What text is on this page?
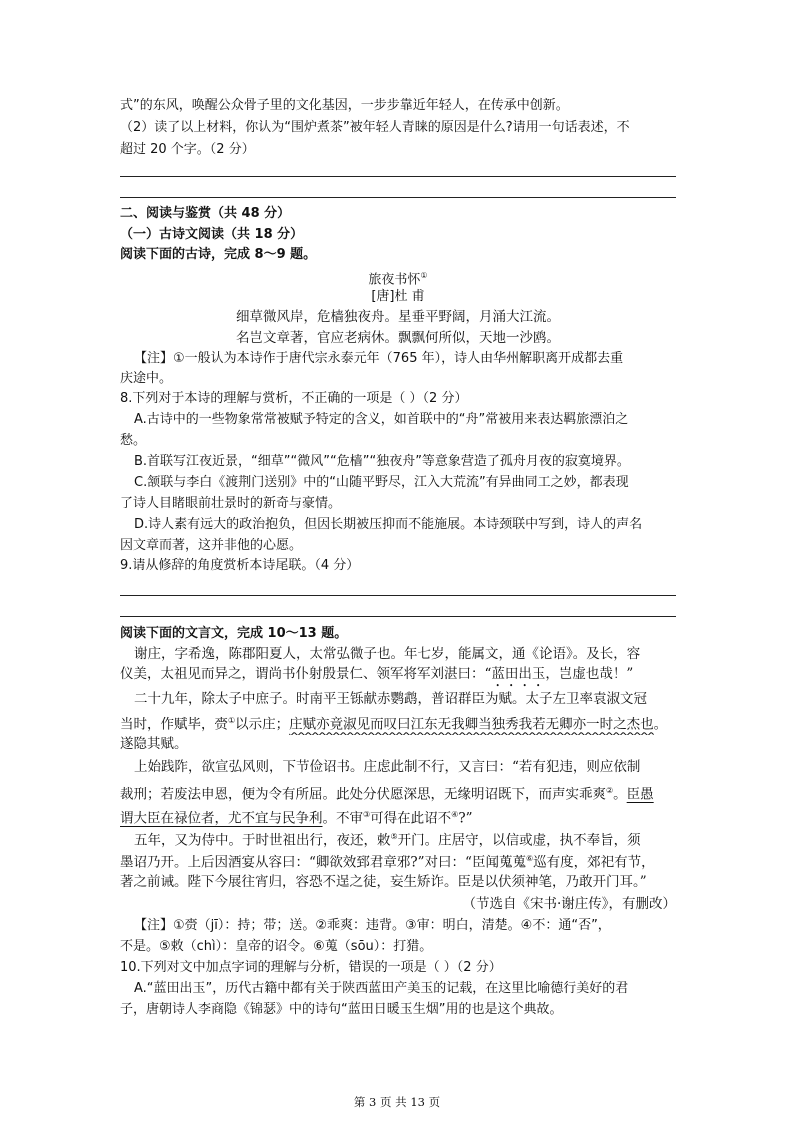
式”的东风，唤醒公众骨子里的文化基因，一步步靠近年轻人，在传承中创新。
（2）读了以上材料，你认为“围炉煮茶”被年轻人青睐的原因是什么?请用一句话表述，不
超过 20 个字。（2 分）
二、阅读与鉴赏（共 48 分）
（一）古诗文阅读（共 18 分）
阅读下面的古诗，完成 8～9 题。
旅夜书怀①
[唐]杜 甫
细草微风岸，危樯独夜舟。星垂平野阔，月涌大江流。
名岂文章著，官应老病休。飘飘何所似，天地一沙鸥。
【注】①一般认为本诗作于唐代宗永泰元年（765 年），诗人由华州解职离开成都去重
庆途中。
8.下列对于本诗的理解与赏析，不正确的一项是（ ）（2 分）
A.古诗中的一些物象常常被赋予特定的含义，如首联中的“舟”常被用来表达羁旅漂泊之
愁。
B.首联写江夜近景，“细草”“微风”“危樯”“独夜舟”等意象营造了孤舟月夜的寂寞境界。
C.颔联与李白《渡荆门送别》中的“山随平野尽，江入大荒流”有异曲同工之妙，都表现
了诗人目睹眼前壮景时的新奇与豪情。
D.诗人素有远大的政治抱负，但因长期被压抑而不能施展。本诗颈联中写到，诗人的声名
因文章而著，这并非他的心愿。
9.请从修辞的角度赏析本诗尾联。（4 分）
阅读下面的文言文，完成 10～13 题。
谢庄，字希逸，陈郡阳夏人，太常弘微子也。年七岁，能属文，通《论语》。及长，容
仪美，太祖见而异之，谓尚书仆射殷景仁、领军将军刘湛曰：“蓝田出玉，岂虚也哉！”
二十九年，除太子中庶子。时南平王铄献赤鹦鹉，普诏群臣为赋。太子左卫率袁淑文冠
当时，作赋毕，赍①以示庄；庄赋亦竟淑见而叹曰江东无我卿当独秀我若无卿亦一时之杰也。
遂隐其赋。
上始践阼，欲宣弘风则，下节俭诏书。庄虑此制不行，又言曰：“若有犯违，则应依制
裁刑；若废法申恩，便为令有所屈。此处分伏愿深思，无缘明诏既下，而声实乖爽②。臣愚
谓大臣在禄位者，尤不宜与民争利。不审③可得在此诏不④?”
五年，又为侍中。于时世祖出行，夜还，敕⑤开门。庄居守，以信或虚，执不奉旨，须
墨诏乃开。上后因酒宴从容曰：“卿欲效郅君章邪?”对曰：“臣闻蒐蒐⑥巡有度，郊祀有节，
著之前诫。陛下今展往宵归，容恐不逞之徒，妄生矫诈。臣是以伏须神笔，乃敢开门耳。”
（节选自《宋书·谢庄传》，有删改）
【注】①赍（jī）：持；带；送。②乖爽：违背。③审：明白，清楚。④不：通“否”，
不是。⑤敕（chì）：皇帝的诏令。⑥蒐（sōu）：打猎。
10.下列对文中加点字词的理解与分析，错误的一项是（ ）（2 分）
A.“蓝田出玉”，历代古籍中都有关于陕西蓝田产美玉的记载，在这里比喻德行美好的君
子，唐朝诗人李商隐《锦瑟》中的诗句“蓝田日暖玉生烟”用的也是这个典故。
第 3 页 共 13 页
